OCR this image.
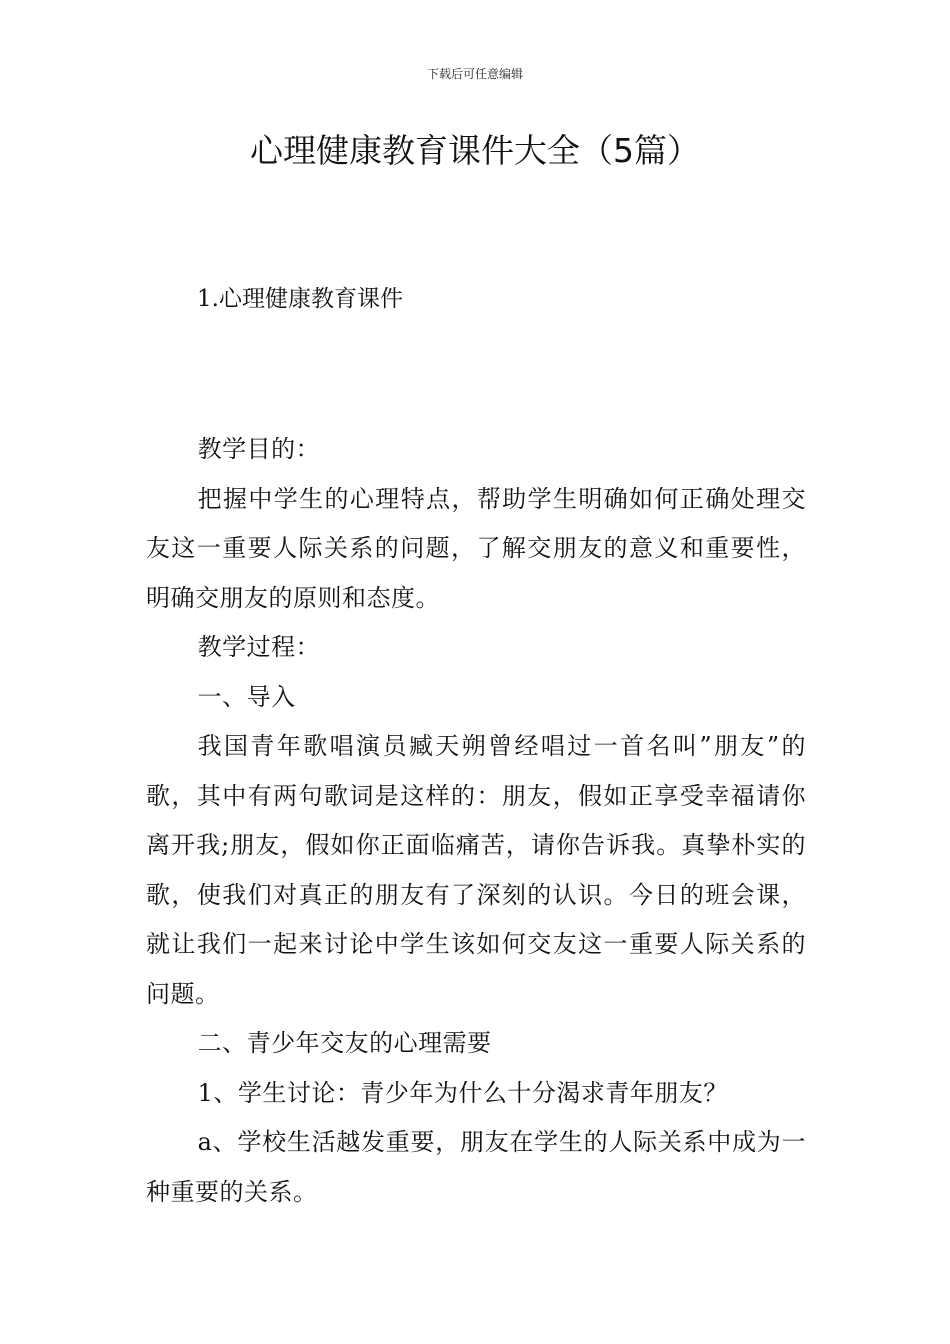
下载后可任意编辑
心理健康教育课件大全（5篇）
1.心理健康教育课件

教学目的：

把握中学生的心理特点，帮助学生明确如何正确处理交友这一重要人际关系的问题，了解交朋友的意义和重要性，明确交朋友的原则和态度。

教学过程：

一、导入

我国青年歌唱演员臧天朔曾经唱过一首名叫”朋友”的歌，其中有两句歌词是这样的：朋友，假如正享受幸福请你离开我;朋友，假如你正面临痛苦，请你告诉我。真挚朴实的歌，使我们对真正的朋友有了深刻的认识。今日的班会课，就让我们一起来讨论中学生该如何交友这一重要人际关系的问题。

二、青少年交友的心理需要

1、学生讨论：青少年为什么十分渴求青年朋友？

a、学校生活越发重要，朋友在学生的人际关系中成为一种重要的关系。
